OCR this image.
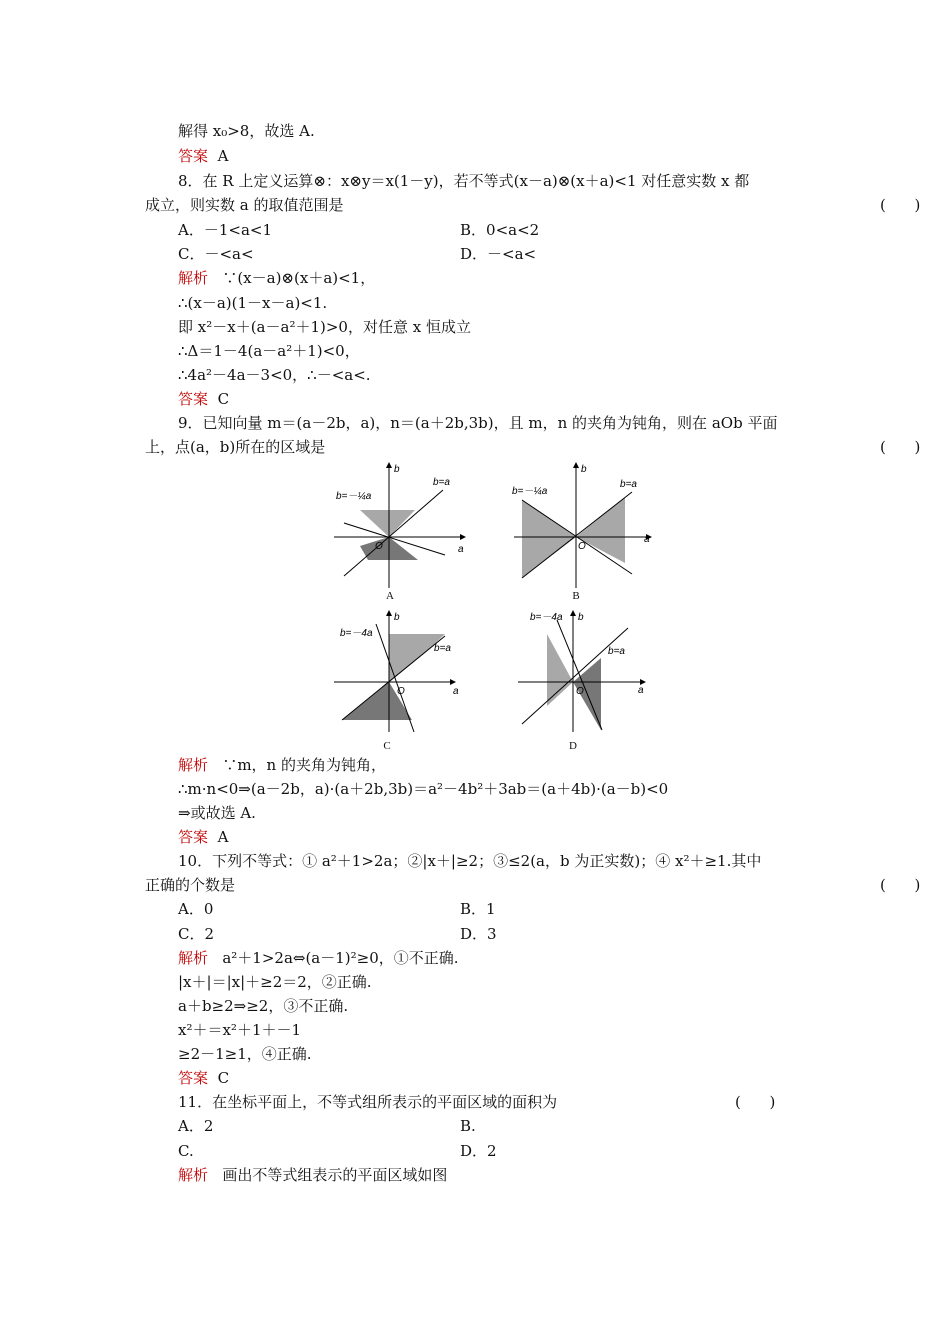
解得 x₀>8，故选 A.
答案 A
8．在 R 上定义运算⊗：x⊗y＝x(1－y)，若不等式(x－a)⊗(x＋a)<1 对任意实数 x 都
成立，则实数 a 的取值范围是	(      )
A．－1<a<1	B．0<a<2
C．－<a<	D．－<a<
解析 ∵(x－a)⊗(x＋a)<1，
∴(x－a)(1－x－a)<1.
即 x²－x＋(a－a²＋1)>0，对任意 x 恒成立
∴Δ＝1－4(a－a²＋1)<0，
∴4a²－4a－3<0，∴－<a<.
答案 C
9．已知向量 m＝(a－2b，a)，n＝(a＋2b,3b)，且 m，n 的夹角为钝角，则在 aOb 平面
上，点(a，b)所在的区域是	(      )
b=－¼a
b=a
b
a
O
A
b=－¼a
b=a
b
a
O
B
b=－4a
b=a
b
a
O
C
b=－4a
b=a
b
a
O
D
解析 ∵m，n 的夹角为钝角，
∴m·n<0⇒(a－2b，a)·(a＋2b,3b)＝a²－4b²＋3ab＝(a＋4b)·(a－b)<0
⇒或故选 A.
答案 A
10．下列不等式：① a²＋1>2a；②|x＋|≥2；③≤2(a，b 为正实数)；④ x²＋≥1.其中
正确的个数是	(      )
A．0	B．1
C．2	D．3
解析 a²＋1>2a⇔(a－1)²≥0，①不正确.
|x＋|＝|x|＋≥2＝2，②正确.
a＋b≥2⇒≥2，③不正确.
x²＋＝x²＋1＋－1
≥2－1≥1，④正确.
答案 C
11．在坐标平面上，不等式组所表示的平面区域的面积为	(      )
A．2	B.
C.	D．2
解析 画出不等式组表示的平面区域如图
